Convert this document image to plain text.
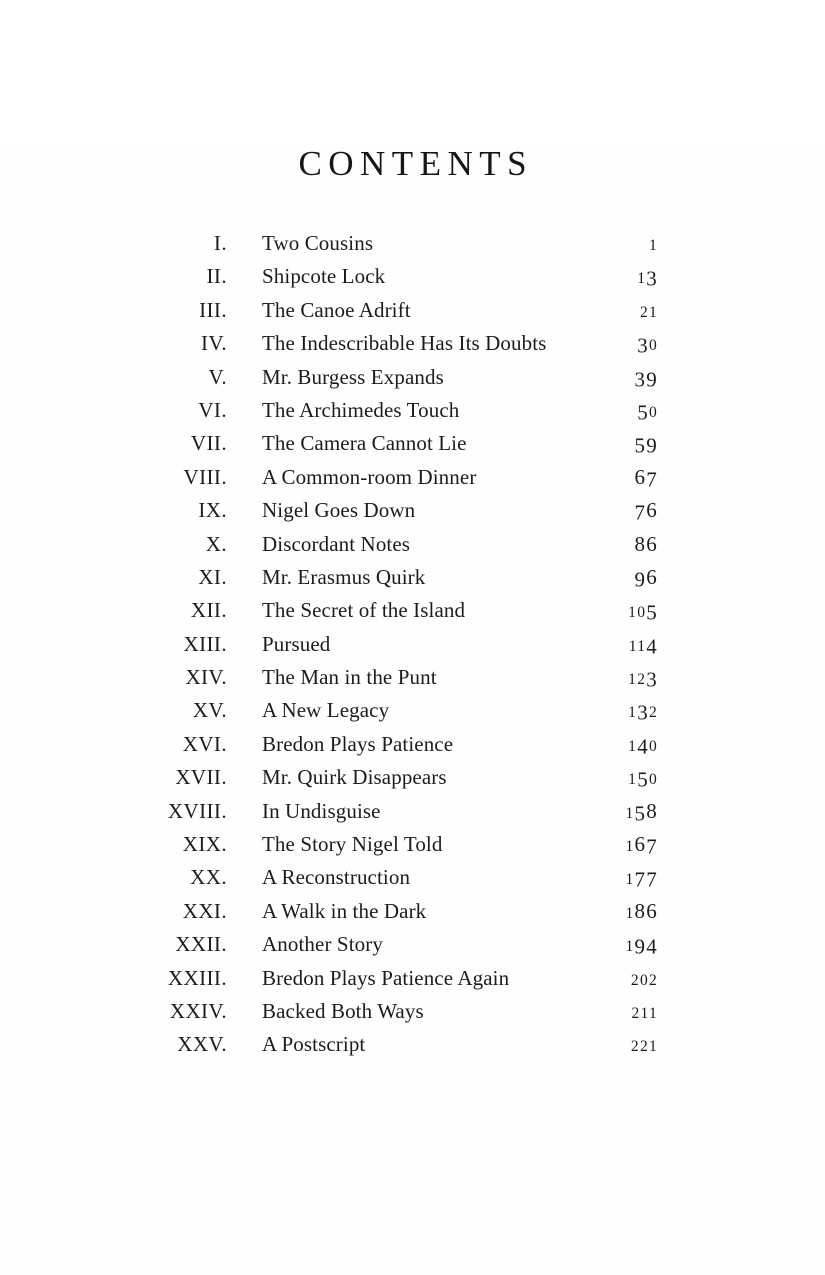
CONTENTS
I.	Two Cousins	1
II.	Shipcote Lock	13
III.	The Canoe Adrift	21
IV.	The Indescribable Has Its Doubts	30
V.	Mr. Burgess Expands	39
VI.	The Archimedes Touch	50
VII.	The Camera Cannot Lie	59
VIII.	A Common-room Dinner	67
IX.	Nigel Goes Down	76
X.	Discordant Notes	86
XI.	Mr. Erasmus Quirk	96
XII.	The Secret of the Island	105
XIII.	Pursued	114
XIV.	The Man in the Punt	123
XV.	A New Legacy	132
XVI.	Bredon Plays Patience	140
XVII.	Mr. Quirk Disappears	150
XVIII.	In Undisguise	158
XIX.	The Story Nigel Told	167
XX.	A Reconstruction	177
XXI.	A Walk in the Dark	186
XXII.	Another Story	194
XXIII.	Bredon Plays Patience Again	202
XXIV.	Backed Both Ways	211
XXV.	A Postscript	221
